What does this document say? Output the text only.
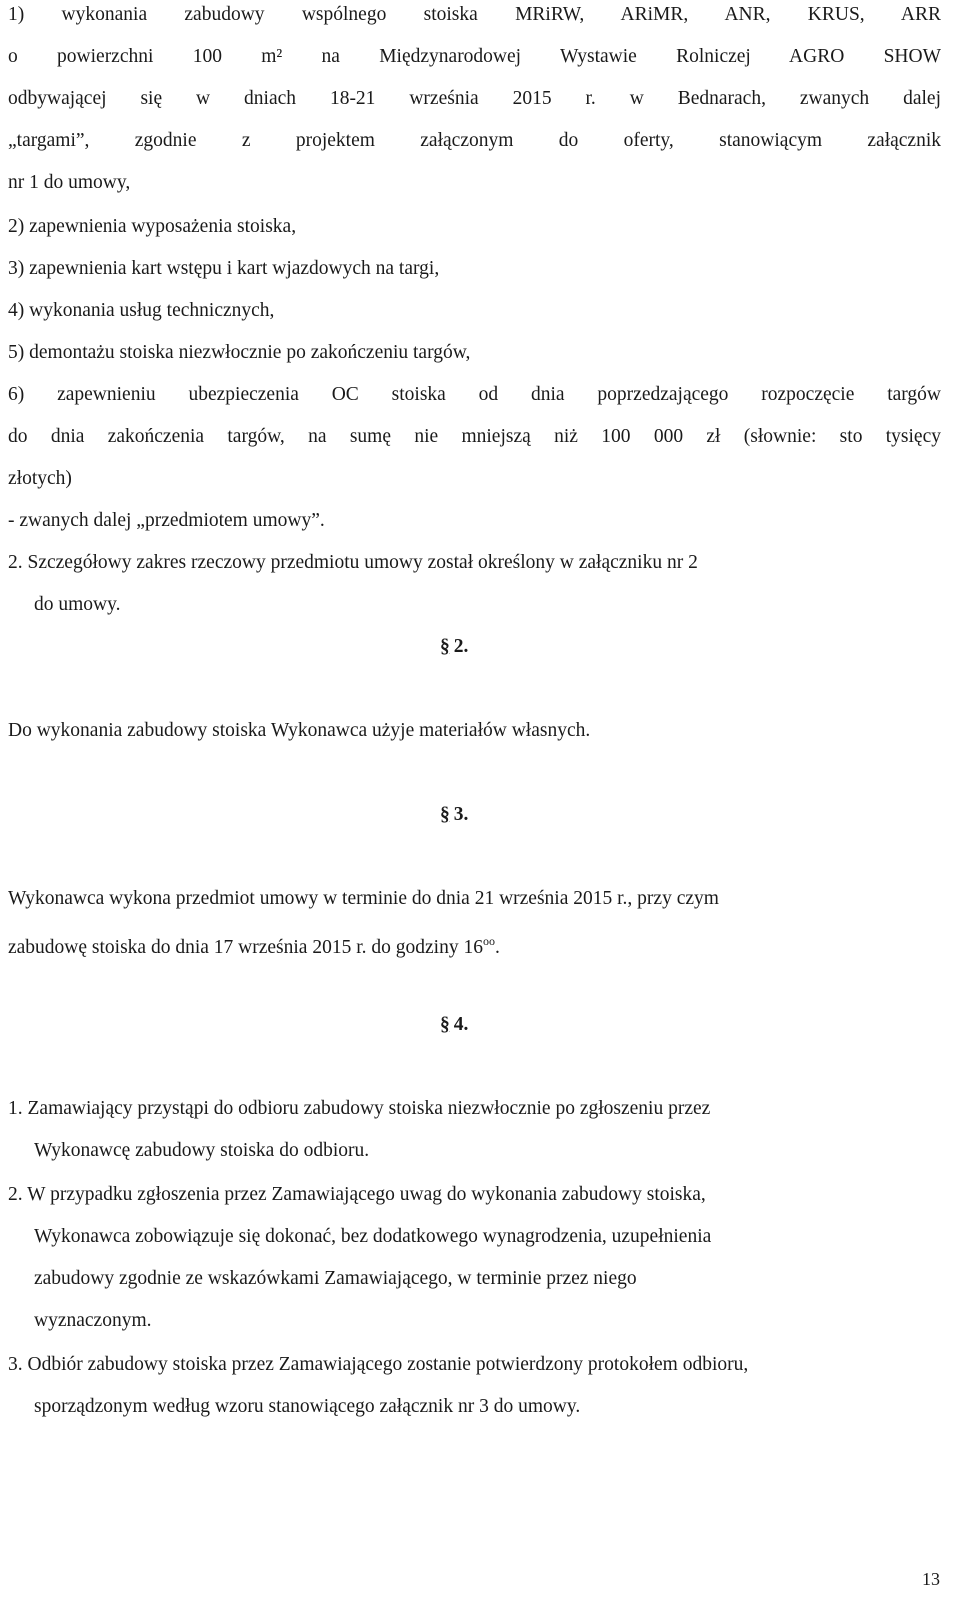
1) wykonania zabudowy wspólnego stoiska MRiRW, ARiMR, ANR, KRUS, ARR
o powierzchni 100 m² na Międzynarodowej Wystawie Rolniczej AGRO SHOW
odbywającej się w dniach 18-21 września 2015 r. w Bednarach, zwanych dalej
„targami”, zgodnie z projektem załączonym do oferty, stanowiącym załącznik
nr 1 do umowy,
2) zapewnienia wyposażenia stoiska,
3) zapewnienia kart wstępu i kart wjazdowych na targi,
4) wykonania usług technicznych,
5) demontażu stoiska niezwłocznie po zakończeniu targów,
6) zapewnieniu ubezpieczenia OC stoiska od dnia poprzedzającego rozpoczęcie targów
do dnia zakończenia targów, na sumę nie mniejszą niż 100 000 zł (słownie: sto tysięcy
złotych)
- zwanych dalej „przedmiotem umowy”.
2. Szczegółowy zakres rzeczowy przedmiotu umowy został określony w załączniku nr 2
do umowy.
§ 2.
Do wykonania zabudowy stoiska Wykonawca użyje materiałów własnych.
§ 3.
Wykonawca wykona przedmiot umowy w terminie do dnia 21 września 2015 r., przy czym
zabudowę stoiska do dnia 17 września 2015 r. do godziny $16^{oo}$.
§ 4.
1. Zamawiający przystąpi do odbioru zabudowy stoiska niezwłocznie po zgłoszeniu przez
Wykonawcę zabudowy stoiska do odbioru.
2. W przypadku zgłoszenia przez Zamawiającego uwag do wykonania zabudowy stoiska,
Wykonawca zobowiązuje się dokonać, bez dodatkowego wynagrodzenia, uzupełnienia
zabudowy zgodnie ze wskazówkami Zamawiającego, w terminie przez niego
wyznaczonym.
3. Odbiór zabudowy stoiska przez Zamawiającego zostanie potwierdzony protokołem odbioru,
sporządzonym według wzoru stanowiącego załącznik nr 3 do umowy.
13
